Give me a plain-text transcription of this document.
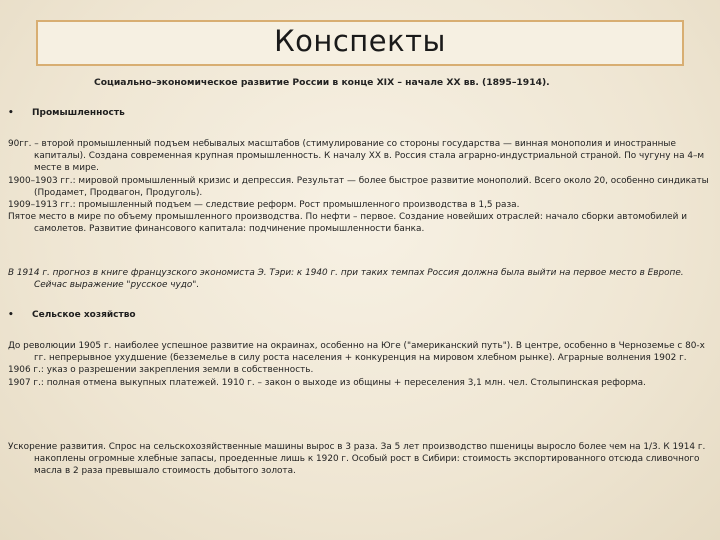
Конспекты
Социально–экономическое развитие России в конце XIX – начале XX вв. (1895–1914).
• Промышленность

90гг. – второй промышленный подъем небывалых масштабов (стимулирование со стороны государства — винная монополия и иностранные капиталы). Создана современная крупная промышленность. К началу XX в. Россия стала аграрно-индустриальной страной. По чугуну на 4–м месте в мире.

1900–1903 гг.: мировой промышленный кризис и депрессия. Результат — более быстрое развитие монополий. Всего около 20, особенно синдикаты (Продамет, Продвагон, Продуголь).

1909–1913 гг.: промышленный подъем — следствие реформ. Рост промышленного производства в 1,5 раза.

Пятое место в мире по объему промышленного производства. По нефти – первое. Создание новейших отраслей: начало сборки автомобилей и самолетов. Развитие финансового капитала: подчинение промышленности банка.

В 1914 г. прогноз в книге французского экономиста Э. Тэри: к 1940 г. при таких темпах Россия должна была выйти на первое место в Европе. Сейчас выражение "русское чудо".

• Сельское хозяйство

До революции 1905 г. наиболее успешное развитие на окраинах, особенно на Юге ("американский путь"). В центре, особенно в Черноземье с 80-х гг. непрерывное ухудшение (безземелье в силу роста населения + конкуренция на мировом хлебном рынке). Аграрные волнения 1902 г.

1906 г.: указ о разрешении закрепления земли в собственность.

1907 г.: полная отмена выкупных платежей. 1910 г. – закон о выходе из общины + переселения 3,1 млн. чел. Столыпинская реформа.

Ускорение развития. Спрос на сельскохозяйственные машины вырос в 3 раза. За 5 лет производство пшеницы выросло более чем на 1/3. К 1914 г. накоплены огромные хлебные запасы, проеденные лишь к 1920 г. Особый рост в Сибири: стоимость экспортированного отсюда сливочного масла в 2 раза превышало стоимость добытого золота.
